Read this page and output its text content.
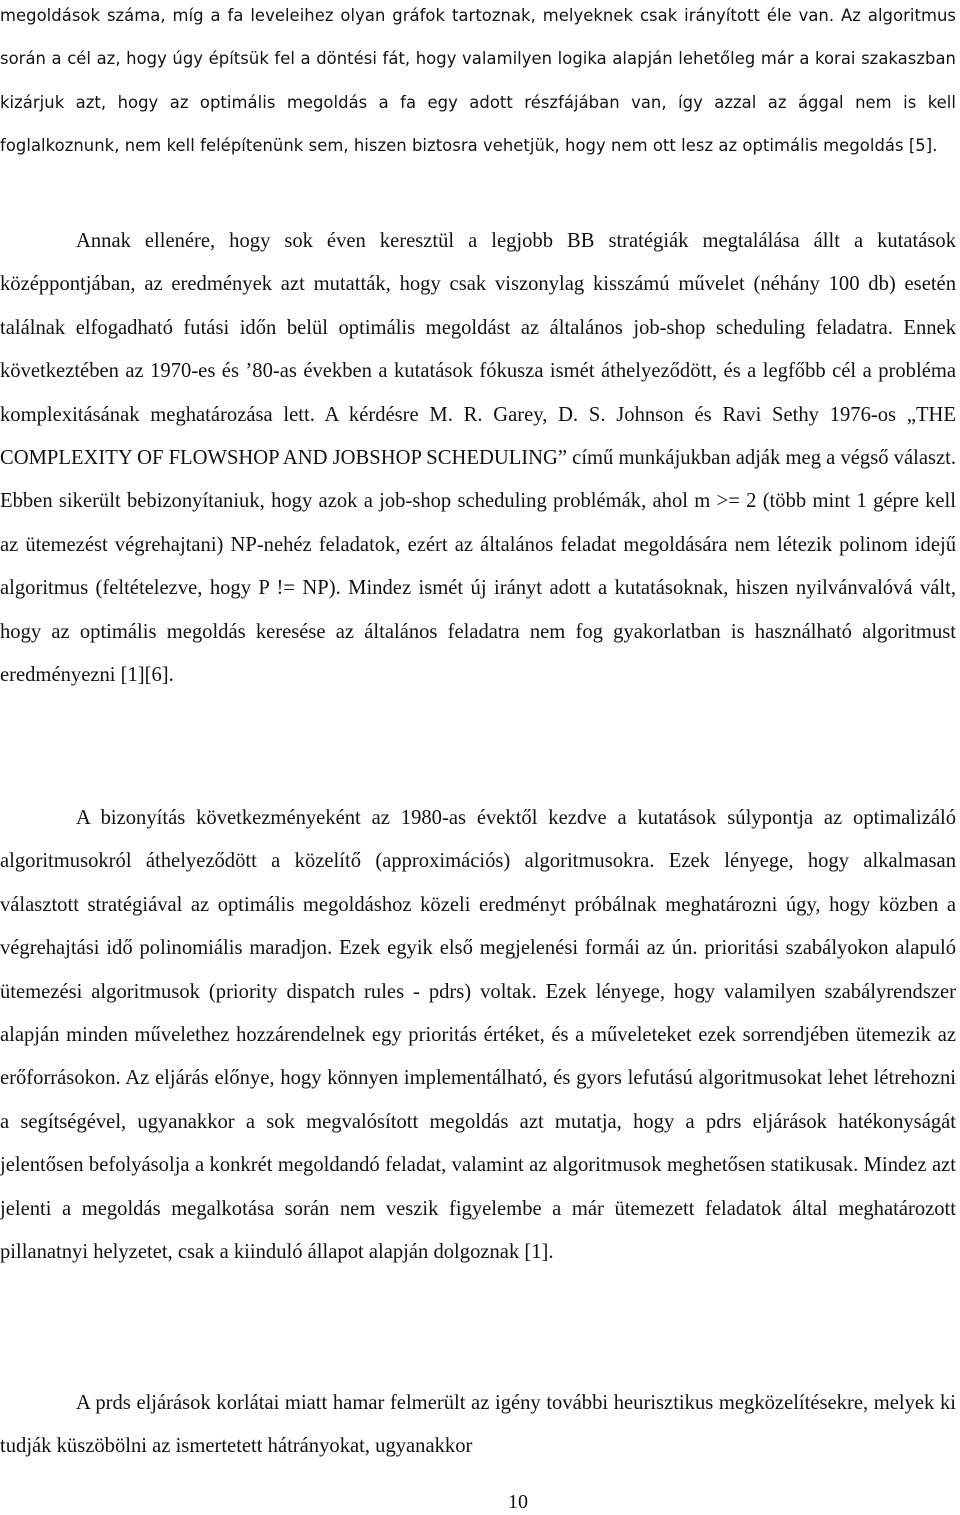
megoldások száma, míg a fa leveleihez olyan gráfok tartoznak, melyeknek csak irányított éle van. Az algoritmus során a cél az, hogy úgy építsük fel a döntési fát, hogy valamilyen logika alapján lehetőleg már a korai szakaszban kizárjuk azt, hogy az optimális megoldás a fa egy adott részfájában van, így azzal az ággal nem is kell foglalkoznunk, nem kell felépítenünk sem, hiszen biztosra vehetjük, hogy nem ott lesz az optimális megoldás [5].

Annak ellenére, hogy sok éven keresztül a legjobb BB stratégiák megtalálása állt a kutatások középpontjában, az eredmények azt mutatták, hogy csak viszonylag kisszámú művelet (néhány 100 db) esetén találnak elfogadható futási időn belül optimális megoldást az általános job-shop scheduling feladatra. Ennek következtében az 1970-es és ’80-as években a kutatások fókusza ismét áthelyeződött, és a legfőbb cél a probléma komplexitásának meghatározása lett. A kérdésre M. R. Garey, D. S. Johnson és Ravi Sethy 1976-os „THE COMPLEXITY OF FLOWSHOP AND JOBSHOP SCHEDULING” című munkájukban adják meg a végső választ. Ebben sikerült bebizonyítaniuk, hogy azok a job-shop scheduling problémák, ahol m >= 2 (több mint 1 gépre kell az ütemezést végrehajtani) NP-nehéz feladatok, ezért az általános feladat megoldására nem létezik polinom idejű algoritmus (feltételezve, hogy P != NP). Mindez ismét új irányt adott a kutatásoknak, hiszen nyilvánvalóvá vált, hogy az optimális megoldás keresése az általános feladatra nem fog gyakorlatban is használható algoritmust eredményezni [1][6].

A bizonyítás következményeként az 1980-as évektől kezdve a kutatások súlypontja az optimalizáló algoritmusokról áthelyeződött a közelítő (approximációs) algoritmusokra. Ezek lényege, hogy alkalmasan választott stratégiával az optimális megoldáshoz közeli eredményt próbálnak meghatározni úgy, hogy közben a végrehajtási idő polinomiális maradjon. Ezek egyik első megjelenési formái az ún. prioritási szabályokon alapuló ütemezési algoritmusok (priority dispatch rules - pdrs) voltak. Ezek lényege, hogy valamilyen szabályrendszer alapján minden művelethez hozzárendelnek egy prioritás értéket, és a műveleteket ezek sorrendjében ütemezik az erőforrásokon. Az eljárás előnye, hogy könnyen implementálható, és gyors lefutású algoritmusokat lehet létrehozni a segítségével, ugyanakkor a sok megvalósított megoldás azt mutatja, hogy a pdrs eljárások hatékonyságát jelentősen befolyásolja a konkrét megoldandó feladat, valamint az algoritmusok meghetősen statikusak. Mindez azt jelenti a megoldás megalkotása során nem veszik figyelembe a már ütemezett feladatok által meghatározott pillanatnyi helyzetet, csak a kiinduló állapot alapján dolgoznak [1].

A prds eljárások korlátai miatt hamar felmerült az igény további heurisztikus megközelítésekre, melyek ki tudják küszöbölni az ismertetett hátrányokat, ugyanakkor

10
